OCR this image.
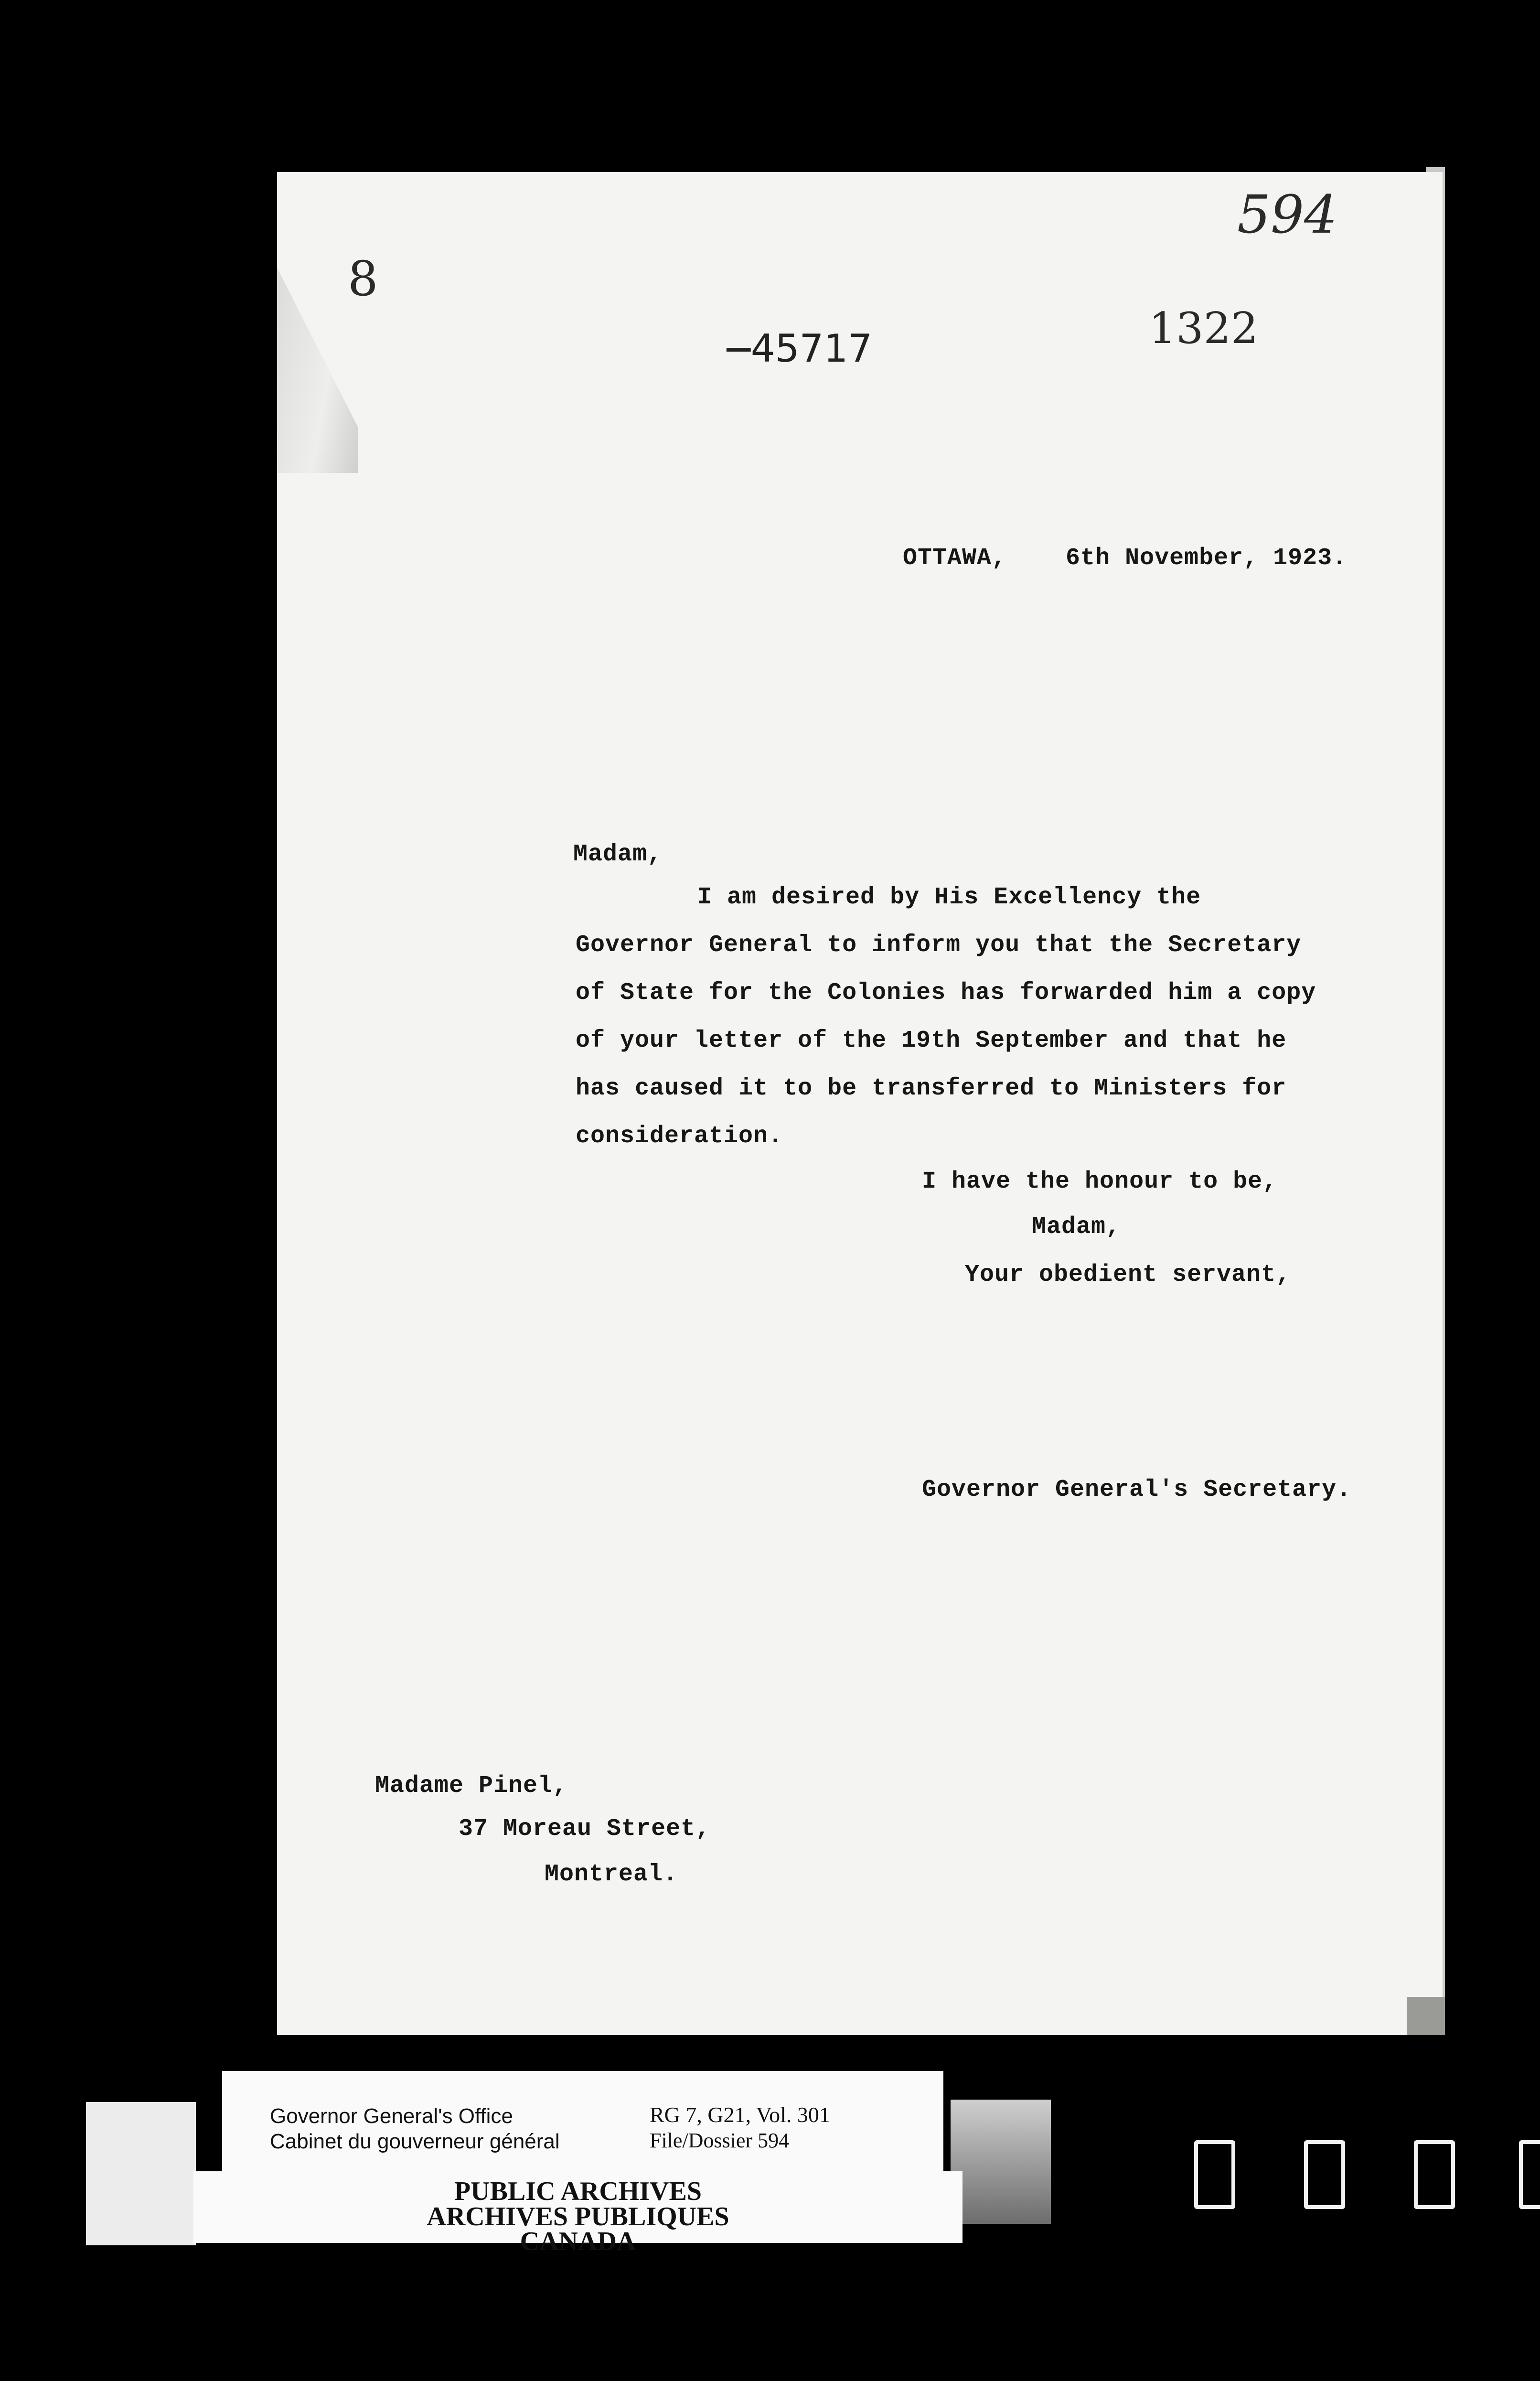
594
8

45717	1322
OTTAWA,    6th November, 1923.
Madam,
I am desired by His Excellency the
Governor General to inform you that the Secretary
of State for the Colonies has forwarded him a copy
of your letter of the 19th September and that he
has caused it to be transferred to Ministers for
consideration.
I have the honour to be,
Madam,
Your obedient servant,
Governor General's Secretary.
Madame Pinel,
37 Moreau Street,
Montreal.
Governor General's Office
Cabinet du gouverneur général
RG 7, G21, Vol. 301
File/Dossier 594
PUBLIC ARCHIVES
ARCHIVES PUBLIQUES
CANADA
